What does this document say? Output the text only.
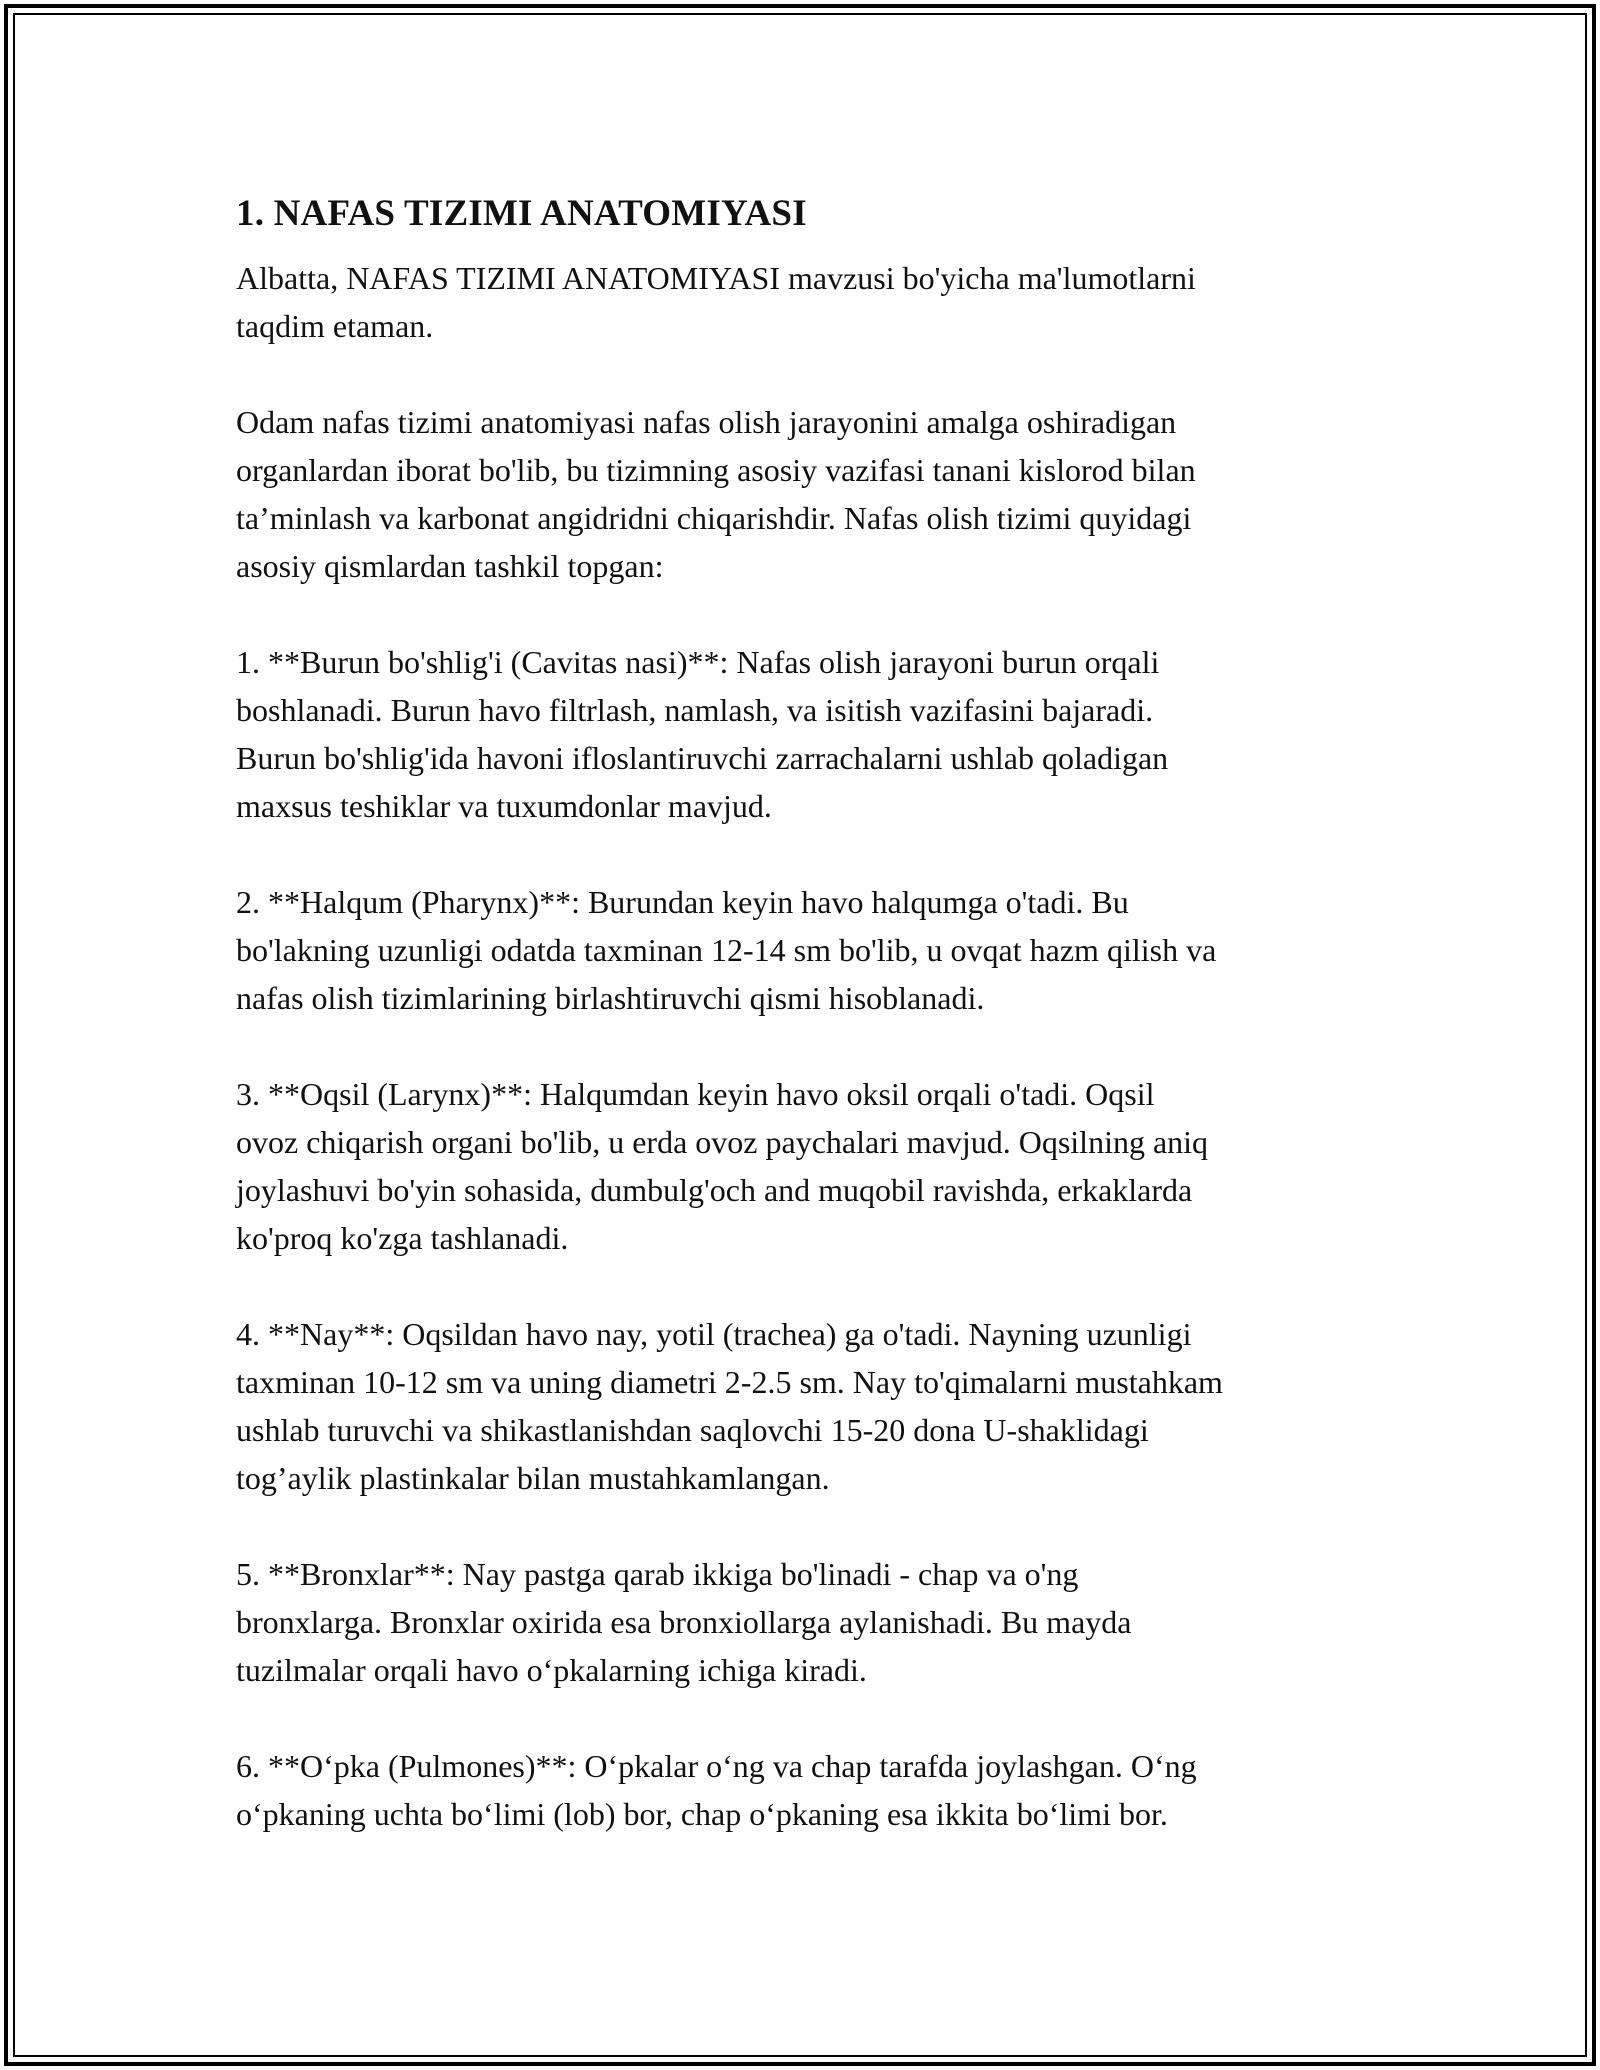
1. NAFAS TIZIMI ANATOMIYASI

Albatta, NAFAS TIZIMI ANATOMIYASI mavzusi bo'yicha ma'lumotlarni
taqdim etaman.

Odam nafas tizimi anatomiyasi nafas olish jarayonini amalga oshiradigan
organlardan iborat bo'lib, bu tizimning asosiy vazifasi tanani kislorod bilan
ta’minlash va karbonat angidridni chiqarishdir. Nafas olish tizimi quyidagi
asosiy qismlardan tashkil topgan:

1. **Burun bo'shlig'i (Cavitas nasi)**: Nafas olish jarayoni burun orqali
boshlanadi. Burun havo filtrlash, namlash, va isitish vazifasini bajaradi.
Burun bo'shlig'ida havoni ifloslantiruvchi zarrachalarni ushlab qoladigan
maxsus teshiklar va tuxumdonlar mavjud.

2. **Halqum (Pharynx)**: Burundan keyin havo halqumga o'tadi. Bu
bo'lakning uzunligi odatda taxminan 12-14 sm bo'lib, u ovqat hazm qilish va
nafas olish tizimlarining birlashtiruvchi qismi hisoblanadi.

3. **Oqsil (Larynx)**: Halqumdan keyin havo oksil orqali o'tadi. Oqsil
ovoz chiqarish organi bo'lib, u erda ovoz paychalari mavjud. Oqsilning aniq
joylashuvi bo'yin sohasida, dumbulg'och and muqobil ravishda, erkaklarda
ko'proq ko'zga tashlanadi.

4. **Nay**: Oqsildan havo nay, yotil (trachea) ga o'tadi. Nayning uzunligi
taxminan 10-12 sm va uning diametri 2-2.5 sm. Nay to'qimalarni mustahkam
ushlab turuvchi va shikastlanishdan saqlovchi 15-20 dona U-shaklidagi
tog’aylik plastinkalar bilan mustahkamlangan.

5. **Bronxlar**: Nay pastga qarab ikkiga bo'linadi - chap va o'ng
bronxlarga. Bronxlar oxirida esa bronxiollarga aylanishadi. Bu mayda
tuzilmalar orqali havo o‘pkalarning ichiga kiradi.

6. **O‘pka (Pulmones)**: O‘pkalar o‘ng va chap tarafda joylashgan. O‘ng
o‘pkaning uchta bo‘limi (lob) bor, chap o‘pkaning esa ikkita bo‘limi bor.
